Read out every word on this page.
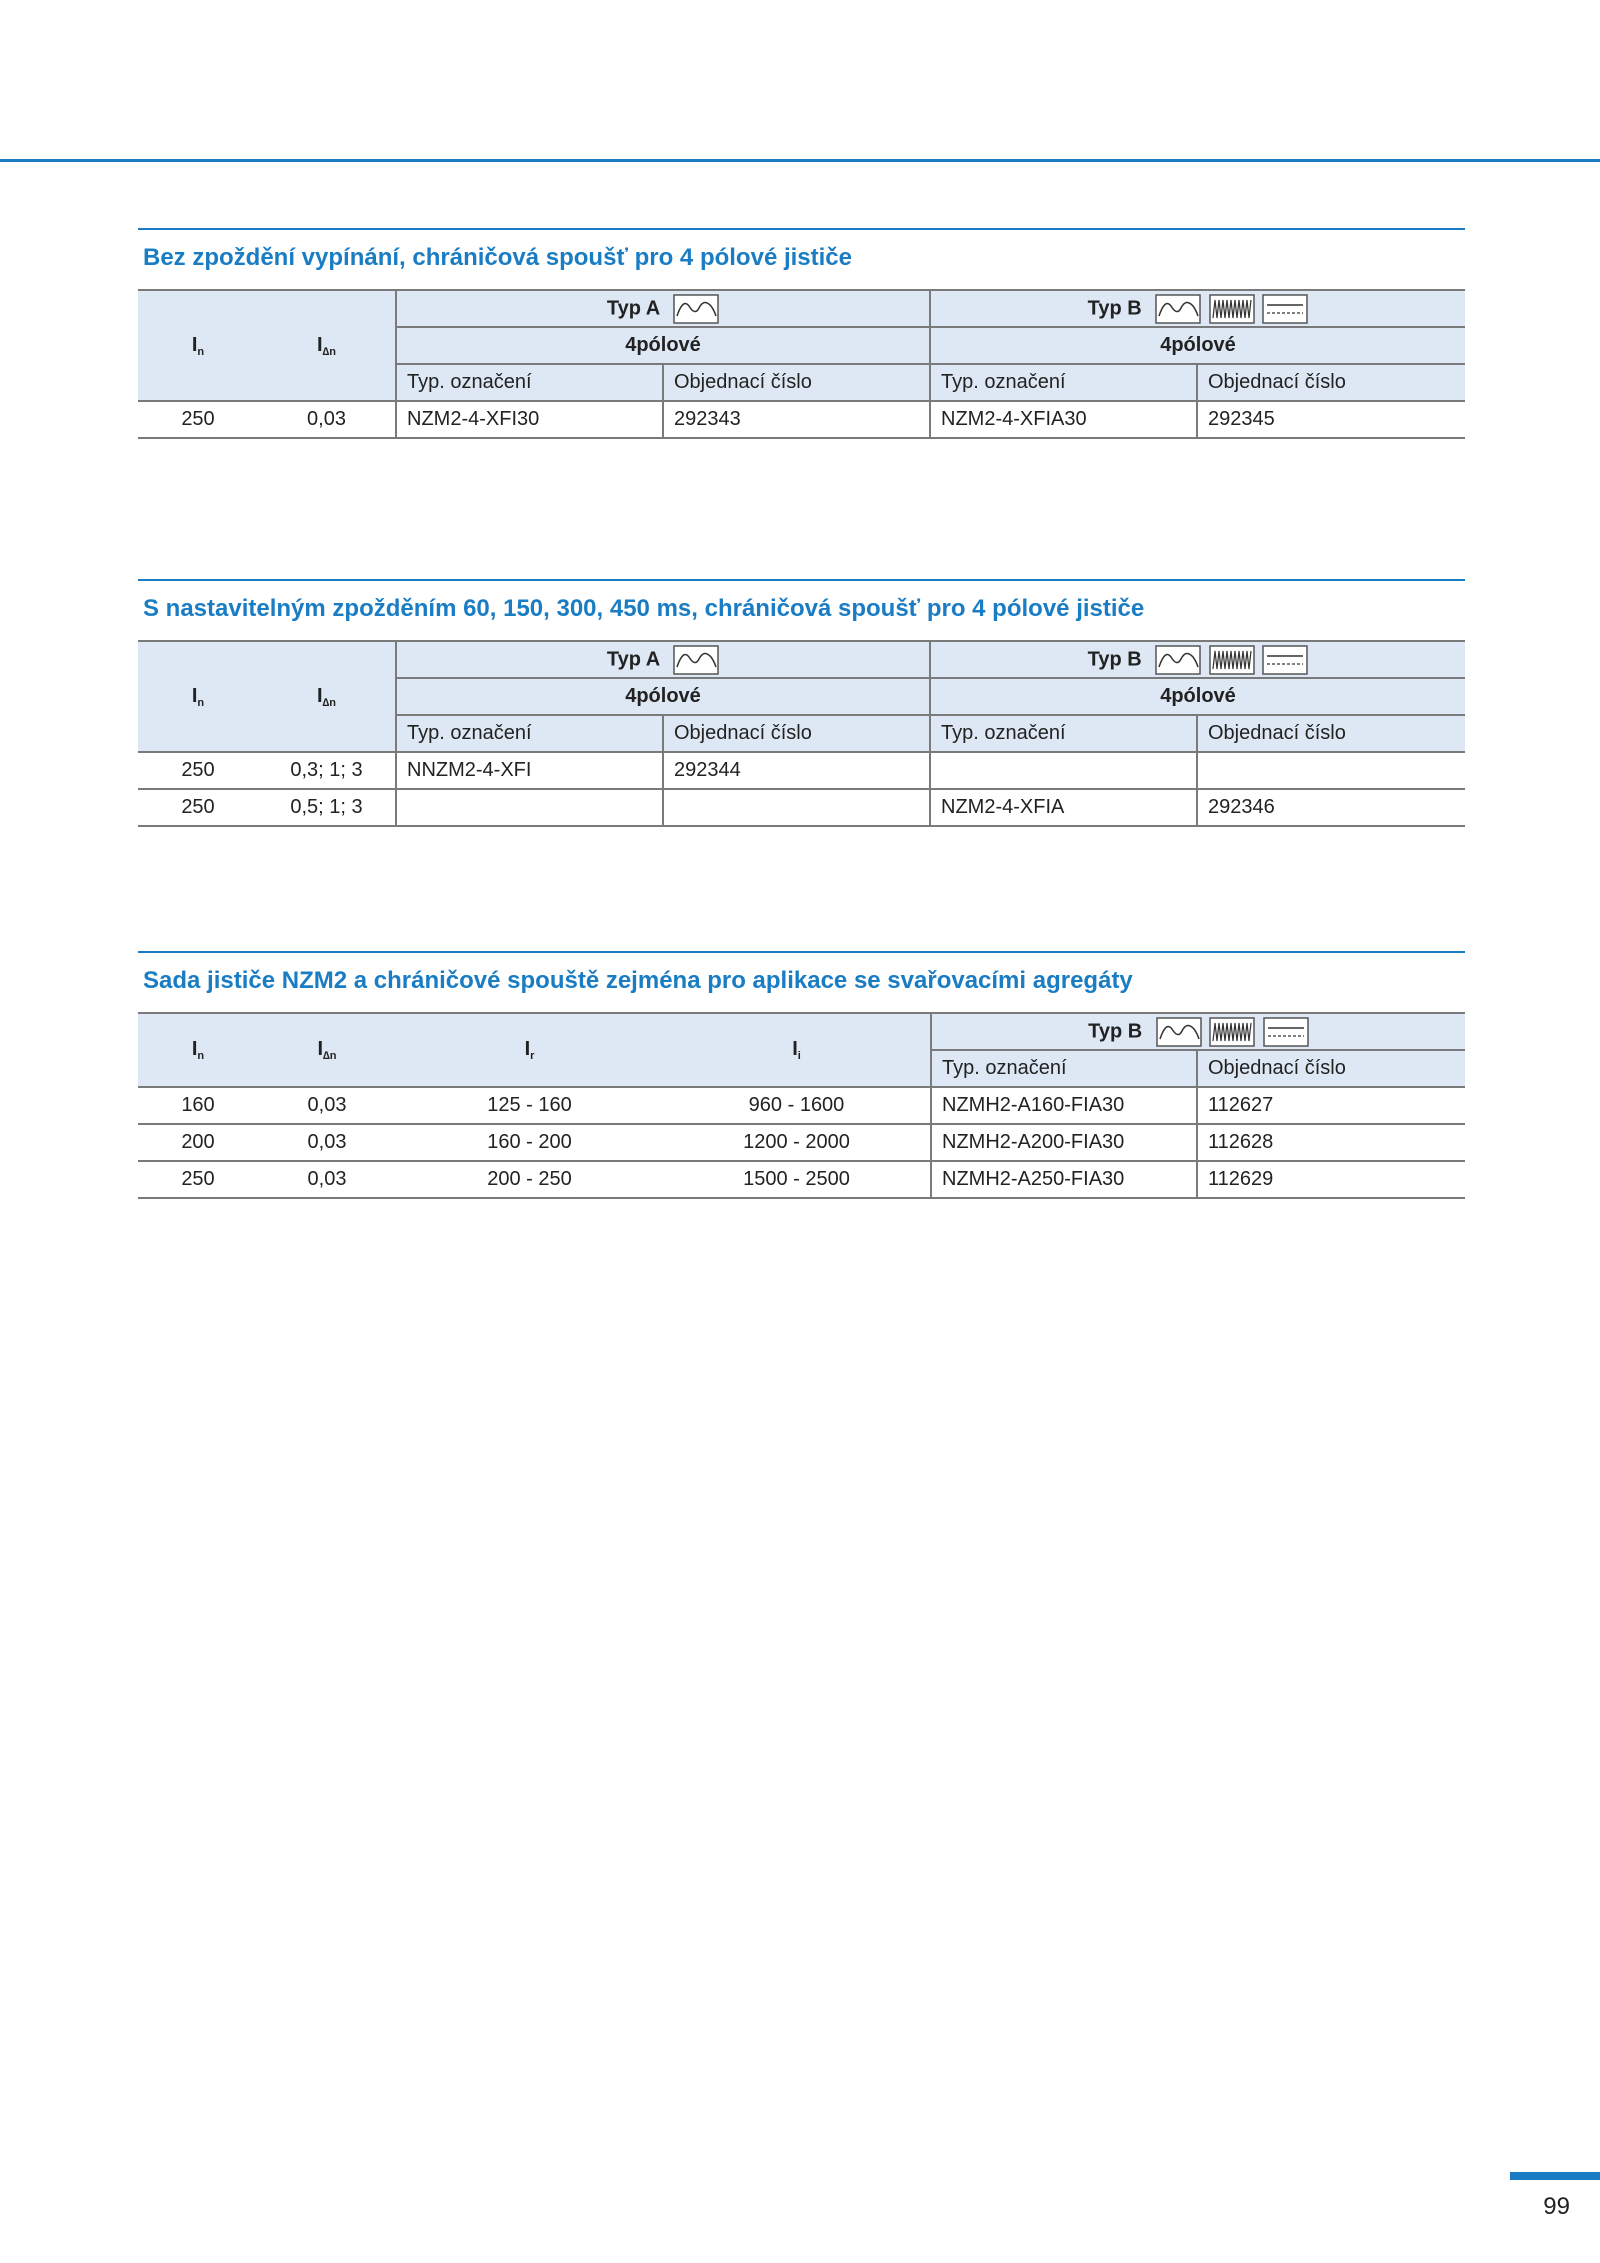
Bez zpoždění vypínání, chráničová spoušť pro 4 pólové jističe
$I_n$	$I_{\Delta n}$	Typ A		Typ B	

		4pólové		4pólové	
		Typ. označení	Objednací číslo	Typ. označení	Objednací číslo
250	0,03	NZM2-4-XFI30	292343	NZM2-4-XFIA30	292345
S nastavitelným zpožděním 60, 150, 300, 450 ms, chráničová spoušť pro 4 pólové jističe
$I_n$	$I_{\Delta n}$	Typ A		Typ B	

		4pólové		4pólové	
		Typ. označení	Objednací číslo	Typ. označení	Objednací číslo
250	0,3; 1; 3	NNZM2-4-XFI	292344		
250	0,5; 1; 3			NZM2-4-XFIA	292346
Sada jističe NZM2 a chráničové spouště zejména pro aplikace se svařovacími agregáty
$I_n$	$I_{\Delta n}$	$I_r$	$I_i$	Typ B	

				Typ. označení	Objednací číslo
160	0,03	125 - 160	960 - 1600	NZMH2-A160-FIA30	112627
200	0,03	160 - 200	1200 - 2000	NZMH2-A200-FIA30	112628
250	0,03	200 - 250	1500 - 2500	NZMH2-A250-FIA30	112629
99
